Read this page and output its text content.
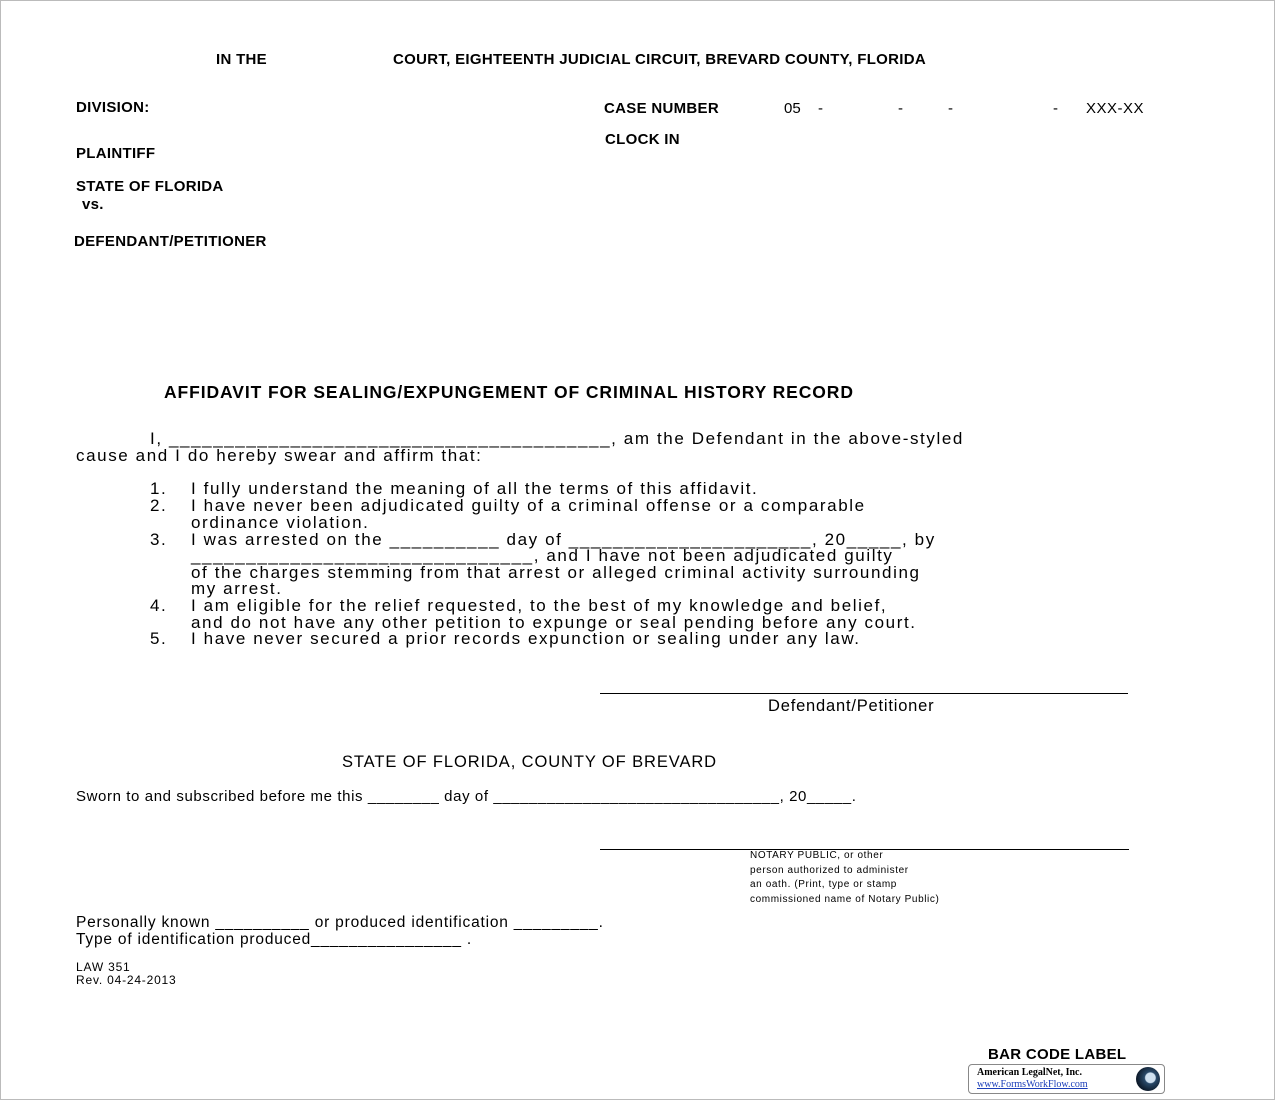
IN THE	COURT, EIGHTEENTH JUDICIAL CIRCUIT, BREVARD COUNTY, FLORIDA
DIVISION:	CASE NUMBER	05 -	-	-	- XXX-XX
CLOCK IN
PLAINTIFF
STATE OF FLORIDA
vs.
DEFENDANT/PETITIONER
AFFIDAVIT FOR SEALING/EXPUNGEMENT OF CRIMINAL HISTORY RECORD
I, ________________________________________, am the Defendant in the above-styled
cause and I do hereby swear and affirm that:
1. I fully understand the meaning of all the terms of this affidavit.
2. I have never been adjudicated guilty of a criminal offense or a comparable
ordinance violation.
3. I was arrested on the __________ day of ______________________, 20_____, by
_______________________________, and I have not been adjudicated guilty
of the charges stemming from that arrest or alleged criminal activity surrounding
my arrest.
4. I am eligible for the relief requested, to the best of my knowledge and belief,
and do not have any other petition to expunge or seal pending before any court.
5. I have never secured a prior records expunction or sealing under any law.
Defendant/Petitioner
STATE OF FLORIDA, COUNTY OF BREVARD
Sworn to and subscribed before me this ________ day of ________________________________, 20_____.
NOTARY PUBLIC, or other
person authorized to administer
an oath. (Print, type or stamp
commissioned name of Notary Public)
Personally known __________ or produced identification _________.
Type of identification produced________________ .
LAW 351
Rev. 04-24-2013
BAR CODE LABEL
American LegalNet, Inc.
www.FormsWorkFlow.com
